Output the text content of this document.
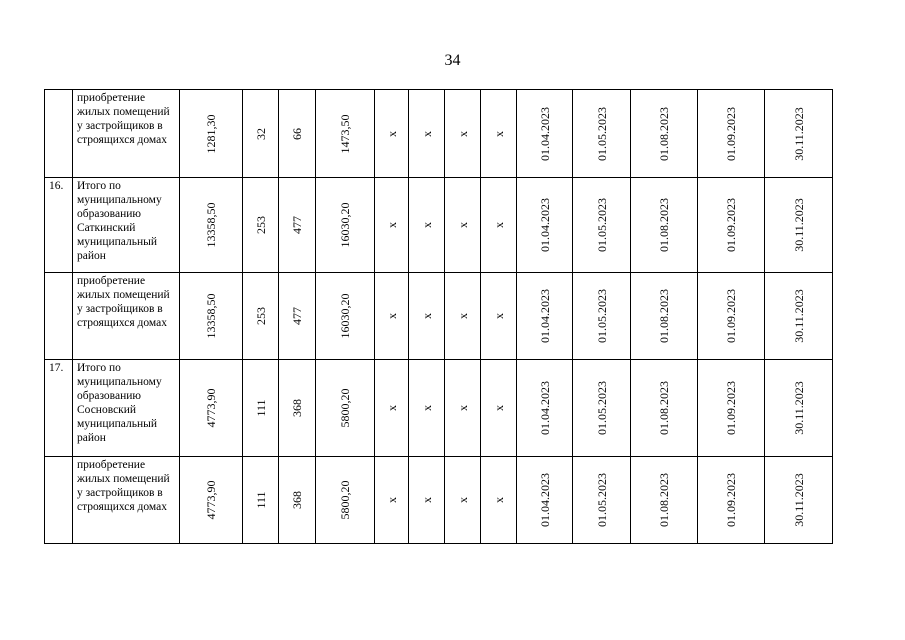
34
	приобретение жилых помещений у застройщиков в строящихся домах	1281,30	32	66	1473,50	x	x	x	x	01.04.2023	01.05.2023	01.08.2023	01.09.2023	30.11.2023

16.	Итого по муниципальному образованию Саткинский муниципальный район	13358,50	253	477	16030,20	x	x	x	x	01.04.2023	01.05.2023	01.08.2023	01.09.2023	30.11.2023

	приобретение жилых помещений у застройщиков в строящихся домах	13358,50	253	477	16030,20	x	x	x	x	01.04.2023	01.05.2023	01.08.2023	01.09.2023	30.11.2023

17.	Итого по муниципальному образованию Сосновский муниципальный район	4773,90	111	368	5800,20	x	x	x	x	01.04.2023	01.05.2023	01.08.2023	01.09.2023	30.11.2023

	приобретение жилых помещений у застройщиков в строящихся домах	4773,90	111	368	5800,20	x	x	x	x	01.04.2023	01.05.2023	01.08.2023	01.09.2023	30.11.2023
